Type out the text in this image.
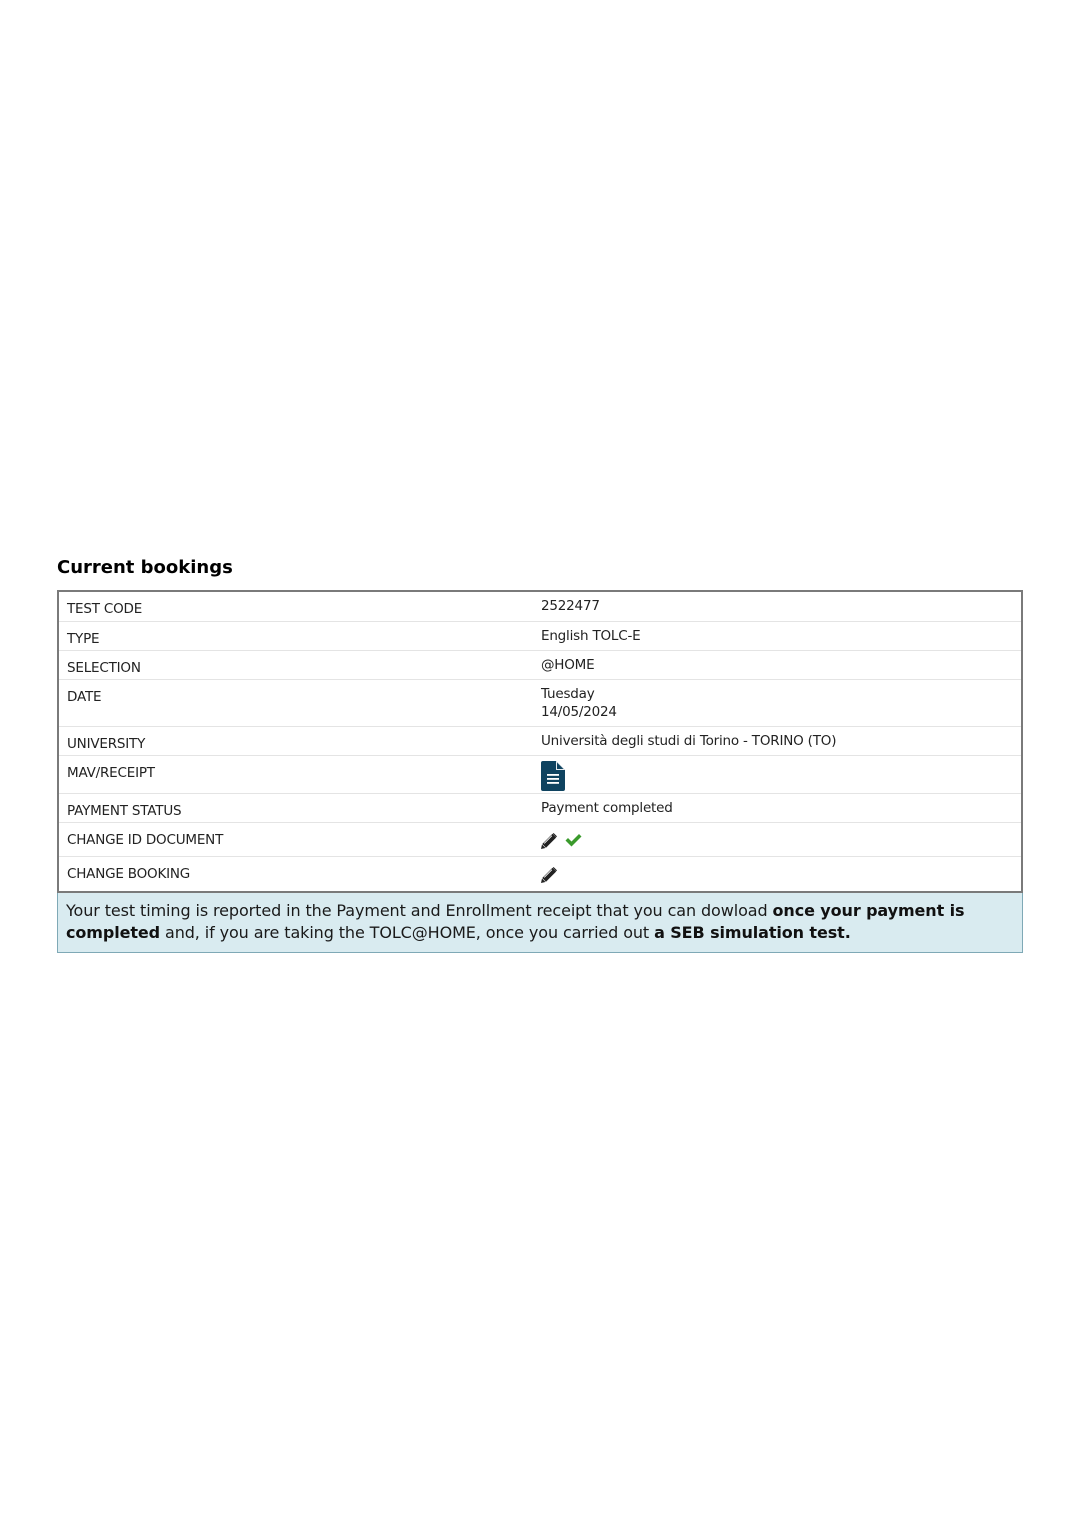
Current bookings
TEST CODE	2522477
TYPE	English TOLC-E
SELECTION	@HOME
DATE	Tuesday
14/05/2024
UNIVERSITY	Università degli studi di Torino - TORINO (TO)
MAV/RECEIPT
PAYMENT STATUS	Payment completed
CHANGE ID DOCUMENT

CHANGE BOOKING
Your test timing is reported in the Payment and Enrollment receipt that you can dowload once your payment is completed and, if you are taking the TOLC@HOME, once you carried out a SEB simulation test.
